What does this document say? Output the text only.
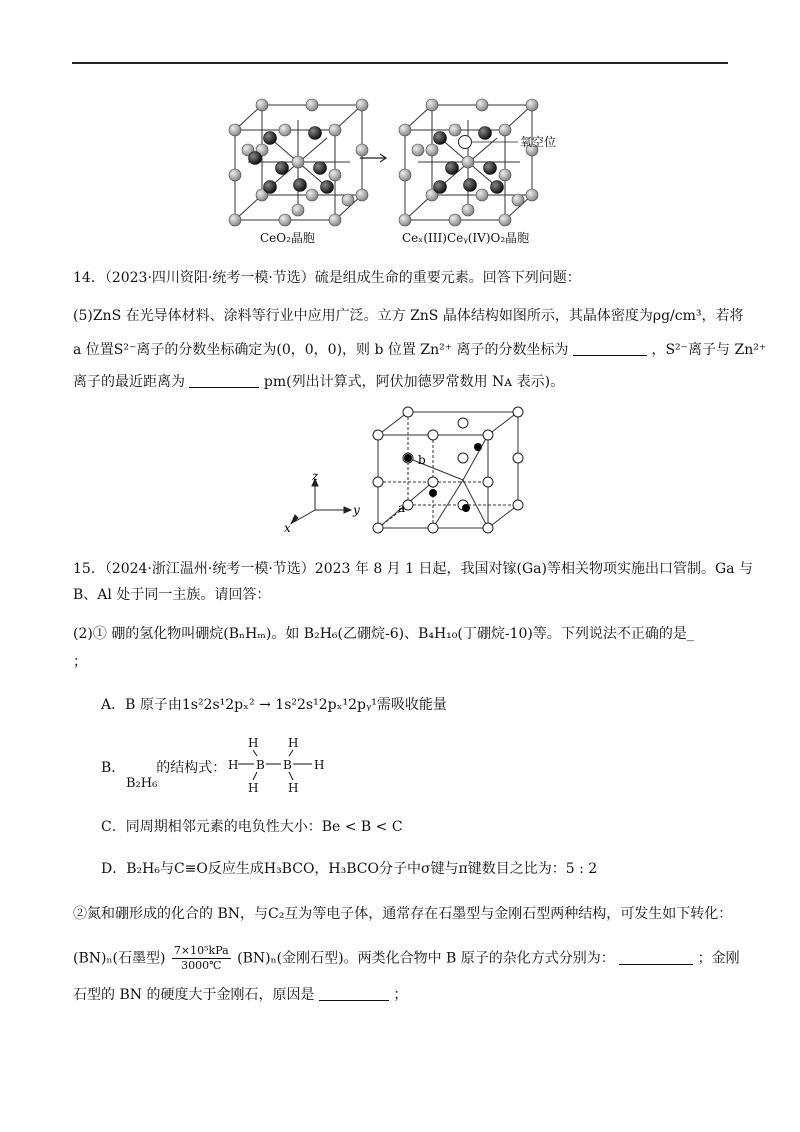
氧空位
CeO₂晶胞	Ceₓ(III)Ceᵧ(IV)O₂晶胞
14．（2023·四川资阳·统考一模·节选）硫是组成生命的重要元素。回答下列问题：
(5)ZnS 在光导体材料、涂料等行业中应用广泛。立方 ZnS 晶体结构如图所示，其晶体密度为ρg/cm³，若将
a 位置S²⁻离子的分数坐标确定为(0，0，0)，则 b 位置 Zn²⁺ 离子的分数坐标为	，S²⁻离子与 Zn²⁺
离子的最近距离为	pm(列出计算式，阿伏加德罗常数用 Nᴀ 表示)。
z
y
x
b
a
15．（2024·浙江温州·统考一模·节选）2023 年 8 月 1 日起，我国对镓(Ga)等相关物项实施出口管制。Ga 与
B、Al 处于同一主族。请回答：
(2)① 硼的氢化物叫硼烷(BₙHₘ)。如 B₂H₆(乙硼烷-6)、B₄H₁₀(丁硼烷-10)等。下列说法不正确的是_
；
A．B 原子由1s²2s¹2pₓ² → 1s²2s¹2pₓ¹2pᵧ¹需吸收能量
B． 的结构式：
B₂H₆
H H
H B B H
H H
C．同周期相邻元素的电负性大小：Be < B < C
D．B₂H₆与C≡O反应生成H₃BCO，H₃BCO分子中σ键与π键数目之比为：5 : 2
②氮和硼形成的化合的 BN，与C₂互为等电子体，通常存在石墨型与金刚石型两种结构，可发生如下转化：
(BN)ₙ(石墨型) 7×10⁵kPa
3000℃	(BN)ₙ(金刚石型)。两类化合物中 B 原子的杂化方式分别为：	；金刚
石型的 BN 的硬度大于金刚石，原因是	；
